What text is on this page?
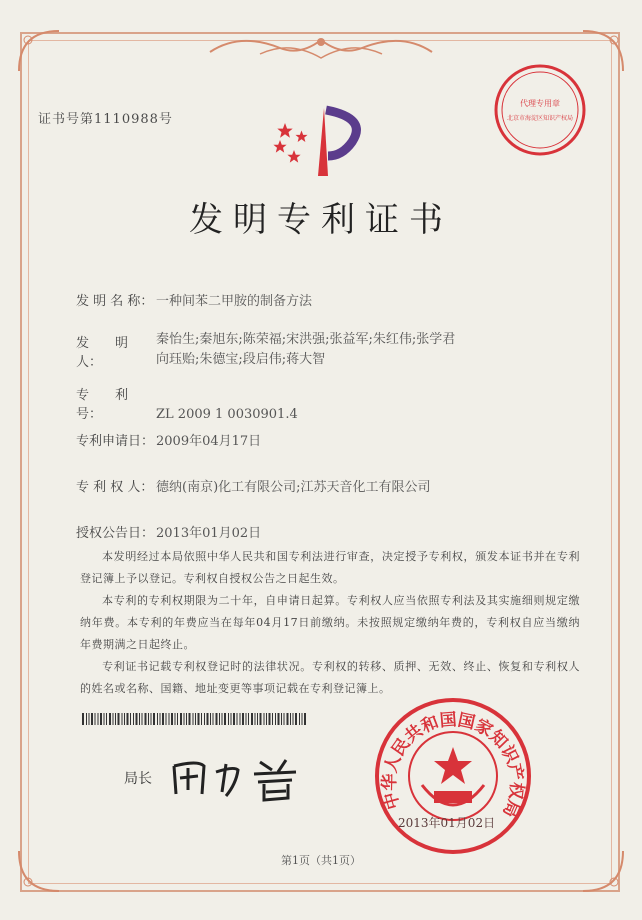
代理专用章
北京市海淀区知识产权局
证书号第1110988号
发明专利证书
发 明 名 称： 一种间苯二甲胺的制备方法
发　　明　人：
秦怡生;秦旭东;陈荣福;宋洪强;张益军;朱红伟;张学君
向珏贻;朱德宝;段启伟;蒋大智
专　　利　号：	ZL 2009 1 0030901.4
专利申请日： 2009年04月17日
专 利 权 人： 德纳(南京)化工有限公司;江苏天音化工有限公司
授权公告日： 2013年01月02日

本发明经过本局依照中华人民共和国专利法进行审查，决定授予专利权，颁发本证书并在专利登记簿上予以登记。专利权自授权公告之日起生效。

本专利的专利权期限为二十年，自申请日起算。专利权人应当依照专利法及其实施细则规定缴纳年费。本专利的年费应当在每年04月17日前缴纳。未按照规定缴纳年费的，专利权自应当缴纳年费期满之日起终止。

专利证书记载专利权登记时的法律状况。专利权的转移、质押、无效、终止、恢复和专利权人的姓名或名称、国籍、地址变更等事项记载在专利登记簿上。

局长
中华人民共和国国家知识产权局
2013年01月02日
第1页（共1页）
